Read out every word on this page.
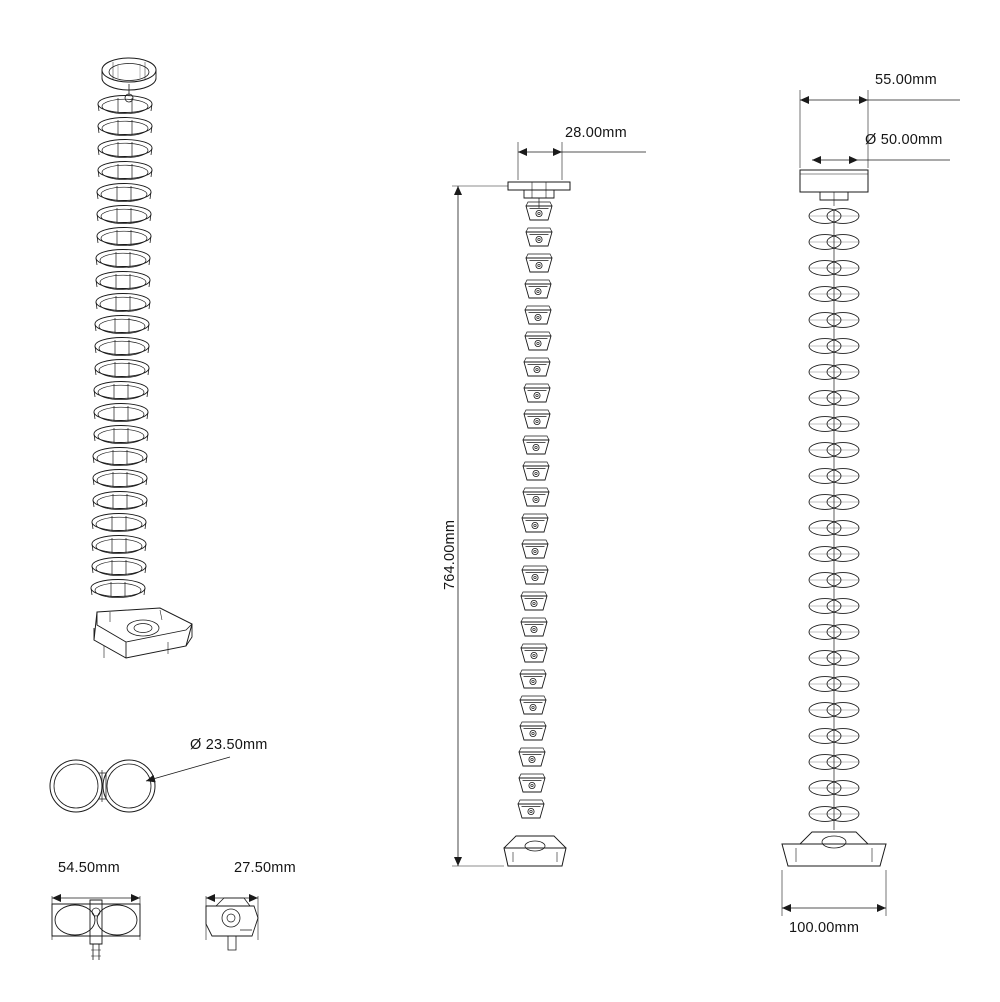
28.00mm
55.00mm
Ø 50.00mm
100.00mm
Ø 23.50mm
54.50mm	27.50mm
764.00mm
